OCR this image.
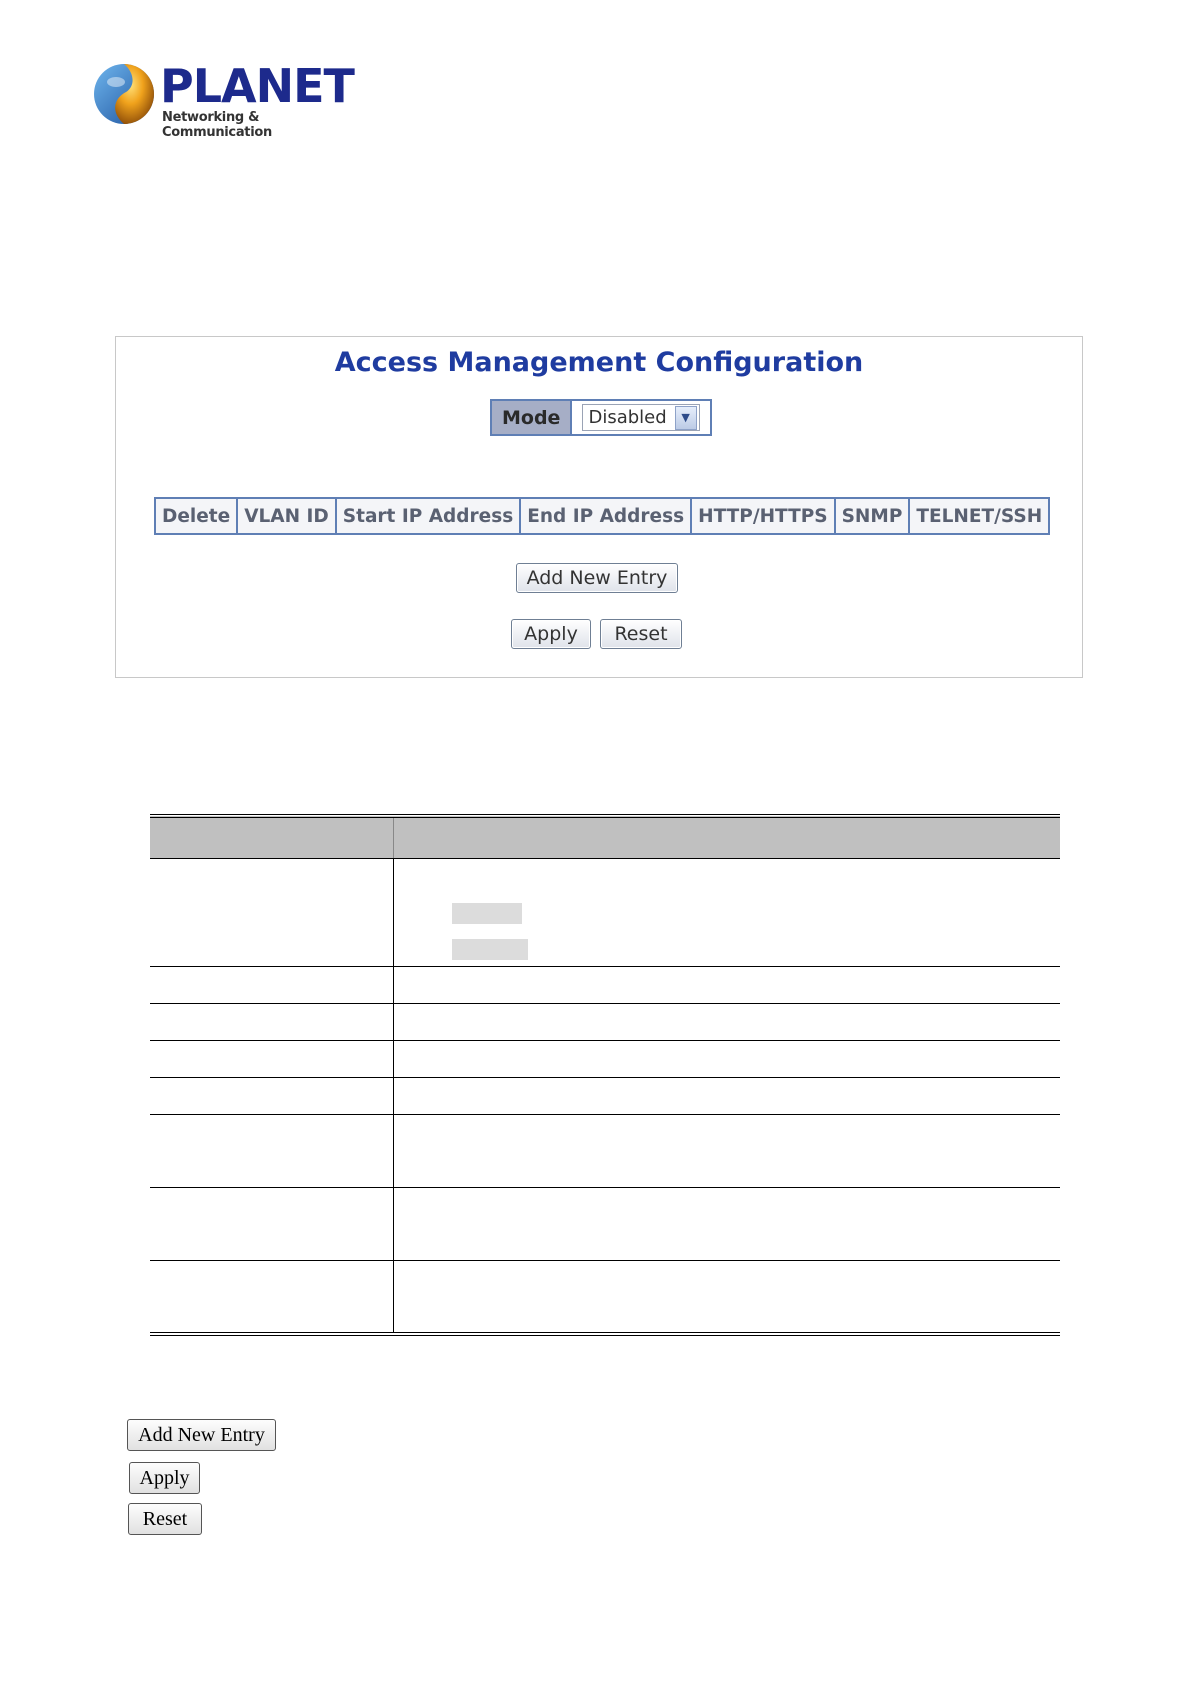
PLANET
Networking & Communication
Access Management Configuration
Mode	Disabled	▼
Delete	VLAN ID	Start IP Address	End IP Address	HTTP/HTTPS	SNMP	TELNET/SSH
Add New Entry
Apply	Reset

Add New Entry
Apply
Reset
